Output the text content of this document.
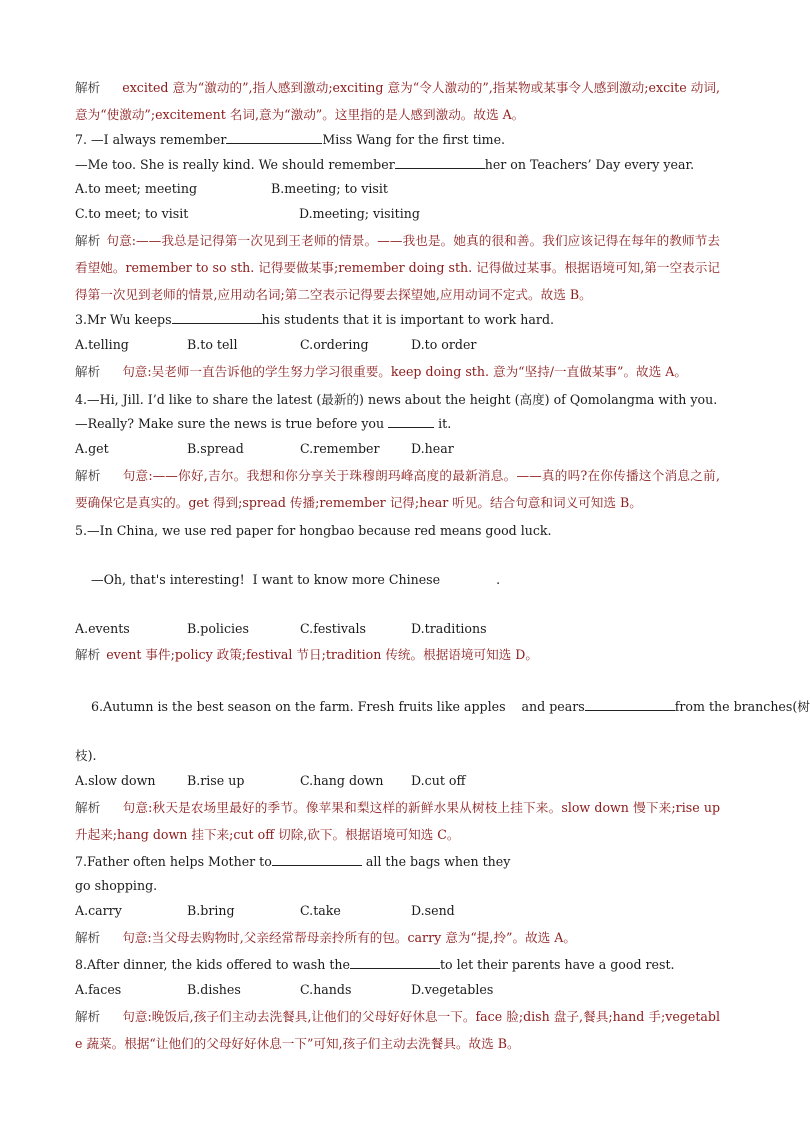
解析 excited 意为“激动的”,指人感到激动;exciting 意为“令人激动的”,指某物或某事令人感到激动;excite 动词,意为“使激动”;excitement 名词,意为“激动”。这里指的是人感到激动。故选 A。
7. —I always remember	Miss Wang for the first time.
—Me too. She is really kind. We should remember	her on Teachers’ Day every year.
A.to meet; meeting	B.meeting; to visit
C.to meet; to visit	D.meeting; visiting
解析 句意:——我总是记得第一次见到王老师的情景。——我也是。她真的很和善。我们应该记得在每年的教师节去看望她。remember to so sth. 记得要做某事;remember doing sth. 记得做过某事。根据语境可知,第一空表示记得第一次见到老师的情景,应用动名词;第二空表示记得要去探望她,应用动词不定式。故选 B。
3.Mr Wu keeps	his students that it is important to work hard.
A.telling	B.to tell	C.ordering	D.to order
解析 句意:吴老师一直告诉他的学生努力学习很重要。keep doing sth. 意为“坚持/一直做某事”。故选 A。
4.—Hi, Jill. I’d like to share the latest (最新的) news about the height (高度) of Qomolangma with you.
—Really? Make sure the news is true before you	it.
A.get	B.spread	C.remember D.hear
解析 句意:——你好,吉尔。我想和你分享关于珠穆朗玛峰高度的最新消息。——真的吗?在你传播这个消息之前,要确保它是真实的。get 得到;spread 传播;remember 记得;hear 听见。结合句意和词义可知选 B。
5.—In China, we use red paper for hongbao because red means good luck.

—Oh, that's interesting!  I want to know more Chinese              .

A.events	B.policies	C.festivals	D.traditions
解析 event 事件;policy 政策;festival 节日;tradition 传统。根据语境可知选 D。

6.Autumn is the best season on the farm. Fresh fruits like apples    and pears	from the branches(树

枝).
A.slow down	B.rise up	C.hang down D.cut off
解析 句意:秋天是农场里最好的季节。像苹果和梨这样的新鲜水果从树枝上挂下来。slow down 慢下来;rise up 升起来;hang down 挂下来;cut off 切除,砍下。根据语境可知选 C。
7.Father often helps Mother to	all the bags when they
go shopping.
A.carry	B.bring	C.take	D.send
解析 句意:当父母去购物时,父亲经常帮母亲拎所有的包。carry 意为“提,拎”。故选 A。
8.After dinner, the kids offered to wash the	to let their parents have a good rest.
A.faces	B.dishes	C.hands	D.vegetables
解析 句意:晚饭后,孩子们主动去洗餐具,让他们的父母好好休息一下。face 脸;dish 盘子,餐具;hand 手;vegetable 蔬菜。根据“让他们的父母好好休息一下”可知,孩子们主动去洗餐具。故选 B。
